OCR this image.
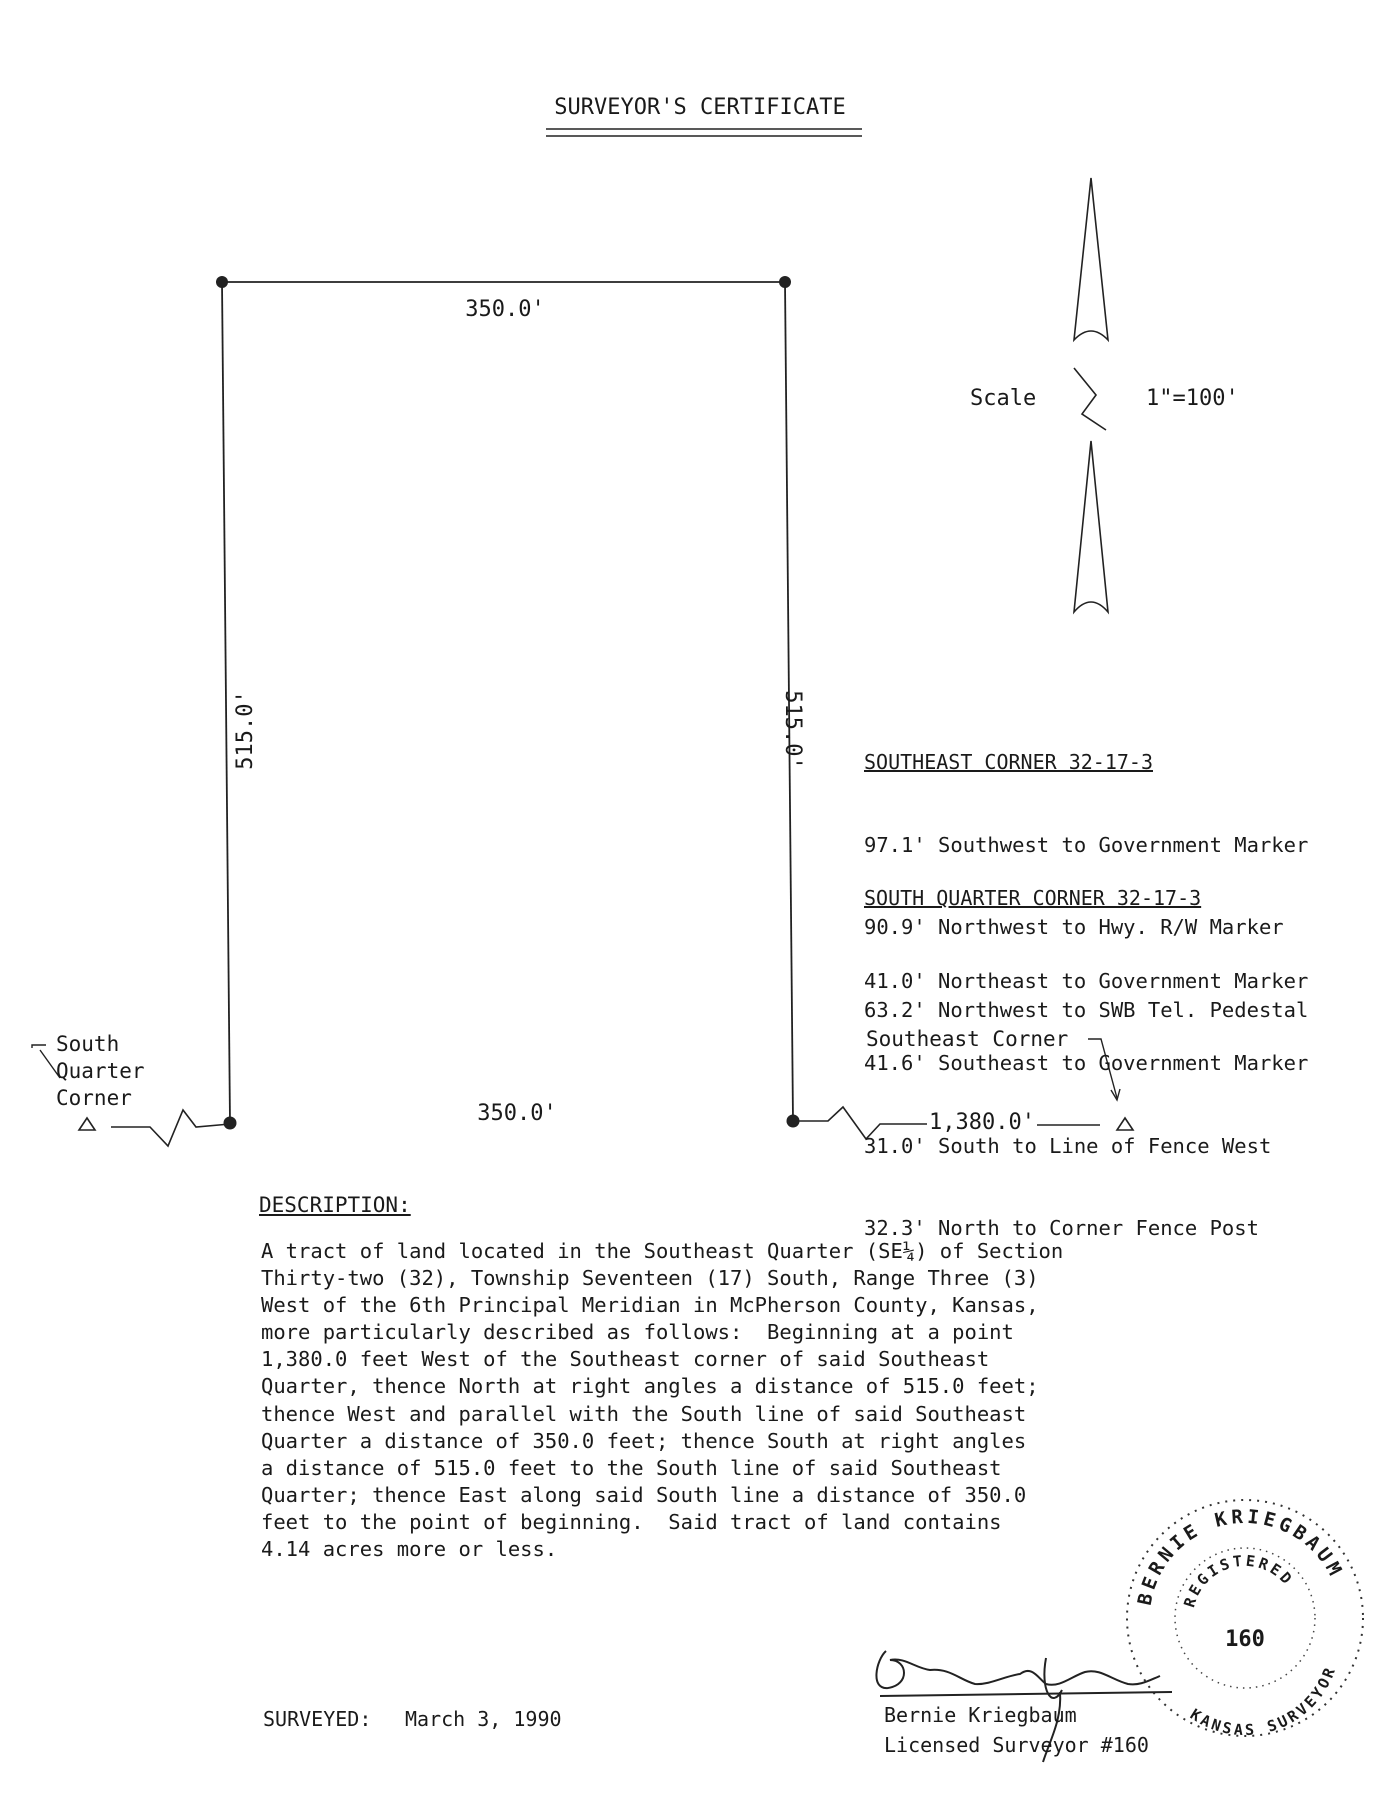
SURVEYOR'S CERTIFICATE
350.0'
350.0'
515.0'	515.0'
1,380.0'
South
Quarter
Corner
Southeast Corner
Scale	1"=100'
160
BERNIE KRIEGBAUM
REGISTERED
KANSAS SURVEYOR

SOUTHEAST CORNER 32-17-3

97.1' Southwest to Government Marker

90.9' Northwest to Hwy. R/W Marker

63.2' Northwest to SWB Tel. Pedestal

SOUTH QUARTER CORNER 32-17-3

41.0' Northeast to Government Marker

41.6' Southeast to Government Marker

31.0' South to Line of Fence West

32.3' North to Corner Fence Post

DESCRIPTION:
A tract of land located in the Southeast Quarter (SE¼) of Section
Thirty-two (32), Township Seventeen (17) South, Range Three (3)
West of the 6th Principal Meridian in McPherson County, Kansas,
more particularly described as follows:  Beginning at a point
1,380.0 feet West of the Southeast corner of said Southeast
Quarter, thence North at right angles a distance of 515.0 feet;
thence West and parallel with the South line of said Southeast
Quarter a distance of 350.0 feet; thence South at right angles
a distance of 515.0 feet to the South line of said Southeast
Quarter; thence East along said South line a distance of 350.0
feet to the point of beginning.  Said tract of land contains
4.14 acres more or less.
SURVEYED: March 3, 1990	Bernie Kriegbaum
Licensed Surveyor #160
